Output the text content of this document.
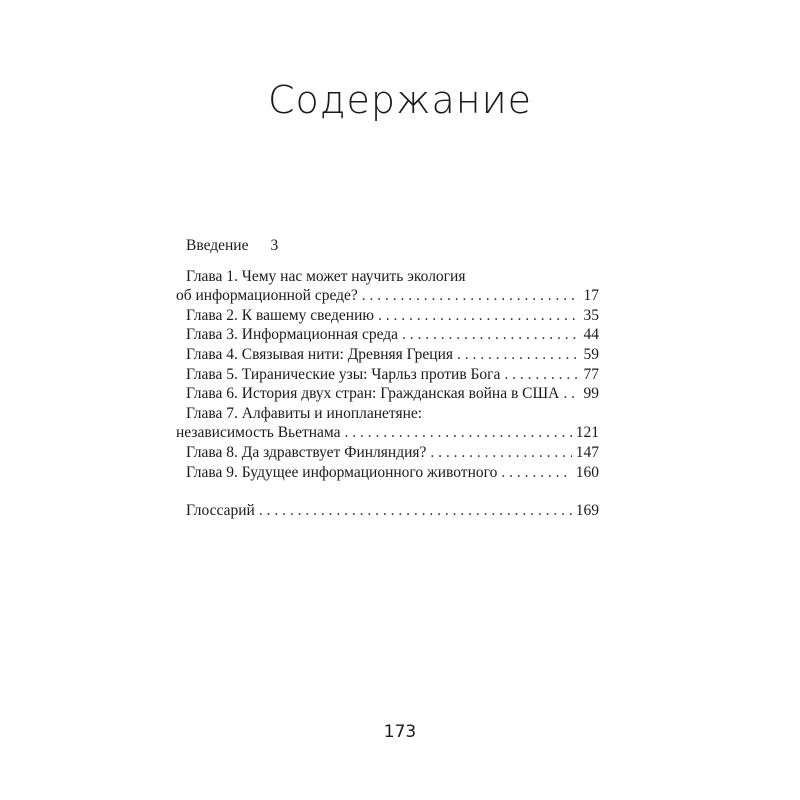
Содержание
Введение 3
Глава 1. Чему нас может научить экология
об информационной среде? . . .	17
Глава 2. К вашему сведению . . .	35
Глава 3. Информационная среда . . .	44
Глава 4. Связывая нити: Древняя Греция . . .	59
Глава 5. Тиранические узы: Чарльз против Бога . . .	77
Глава 6. История двух стран: Гражданская война в США . . . 99
Глава 7. Алфавиты и инопланетяне:
независимость Вьетнама . . .	121
Глава 8. Да здравствует Финляндия? . . .	147
Глава 9. Будущее информационного животного . . .	160
Глоссарий . . .	169
173
